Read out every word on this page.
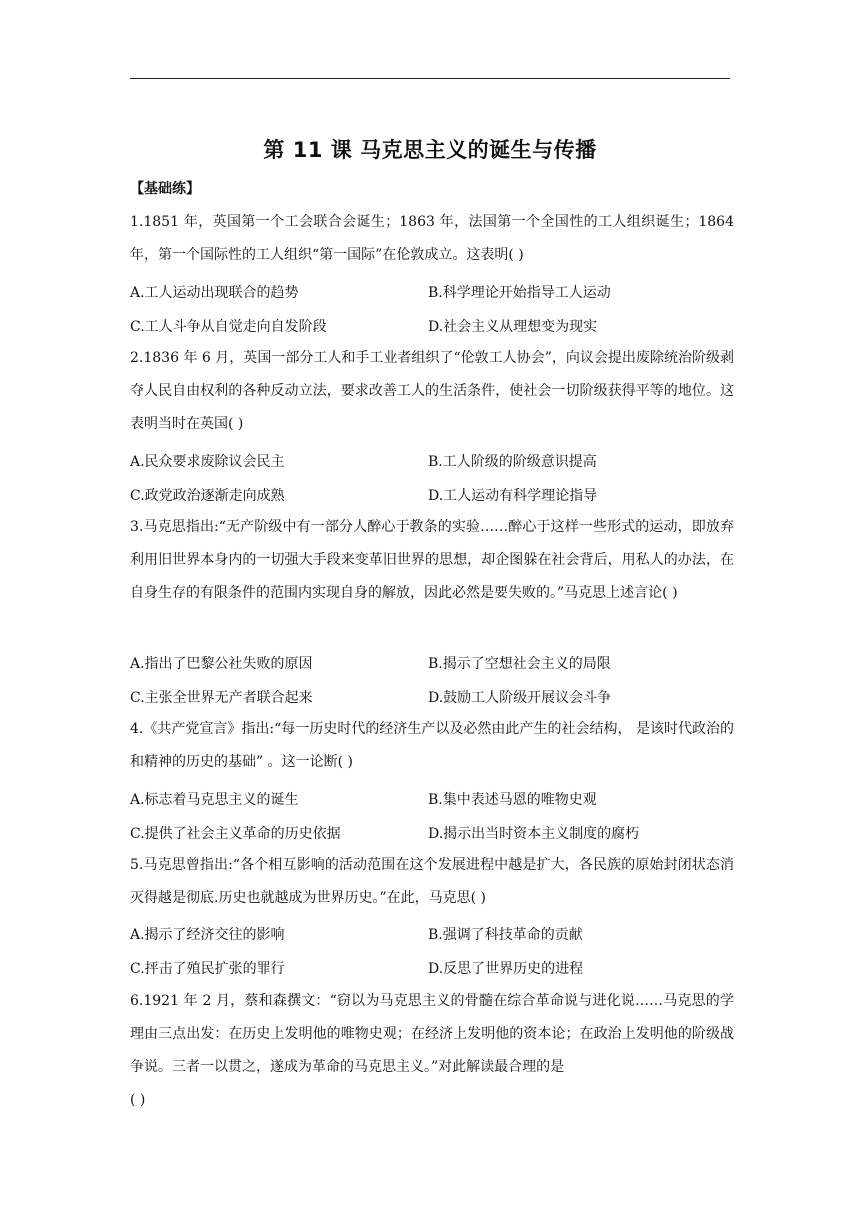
第 11 课 马克思主义的诞生与传播
【基础练】

1.1851 年，英国第一个工会联合会诞生；1863 年，法国第一个全国性的工人组织诞生；1864 年，第一个国际性的工人组织“第一国际”在伦敦成立。这表明( )

A.工人运动出现联合的趋势	B.科学理论开始指导工人运动
C.工人斗争从自觉走向自发阶段	D.社会主义从理想变为现实

2.1836 年 6 月，英国一部分工人和手工业者组织了“伦敦工人协会”，向议会提出废除统治阶级剥夺人民自由权利的各种反动立法，要求改善工人的生活条件，使社会一切阶级获得平等的地位。这表明当时在英国( )

A.民众要求废除议会民主	B.工人阶级的阶级意识提高
C.政党政治逐渐走向成熟	D.工人运动有科学理论指导

3.马克思指出:“无产阶级中有一部分人醉心于教条的实验……醉心于这样一些形式的运动，即放弃利用旧世界本身内的一切强大手段来变革旧世界的思想，却企图躲在社会背后，用私人的办法，在自身生存的有限条件的范围内实现自身的解放，因此必然是要失败的。”马克思上述言论( )

A.指出了巴黎公社失败的原因	B.揭示了空想社会主义的局限
C.主张全世界无产者联合起来	D.鼓励工人阶级开展议会斗争

4.《共产党宣言》指出:“每一历史时代的经济生产以及必然由此产生的社会结构， 是该时代政治的和精神的历史的基础” 。这一论断( )

A.标志着马克思主义的诞生	B.集中表述马恩的唯物史观
C.提供了社会主义革命的历史依据	D.揭示出当时资本主义制度的腐朽

5.马克思曾指出:“各个相互影响的活动范围在这个发展进程中越是扩大，各民族的原始封闭状态消灭得越是彻底.历史也就越成为世界历史。”在此，马克思( )

A.揭示了经济交往的影响	B.强调了科技革命的贡献
C.抨击了殖民扩张的罪行	D.反思了世界历史的进程

6.1921 年 2 月，蔡和森撰文：“窃以为马克思主义的骨髓在综合革命说与进化说……马克思的学理由三点出发：在历史上发明他的唯物史观；在经济上发明他的资本论；在政治上发明他的阶级战争说。三者一以贯之，遂成为革命的马克思主义。”对此解读最合理的是

( )
